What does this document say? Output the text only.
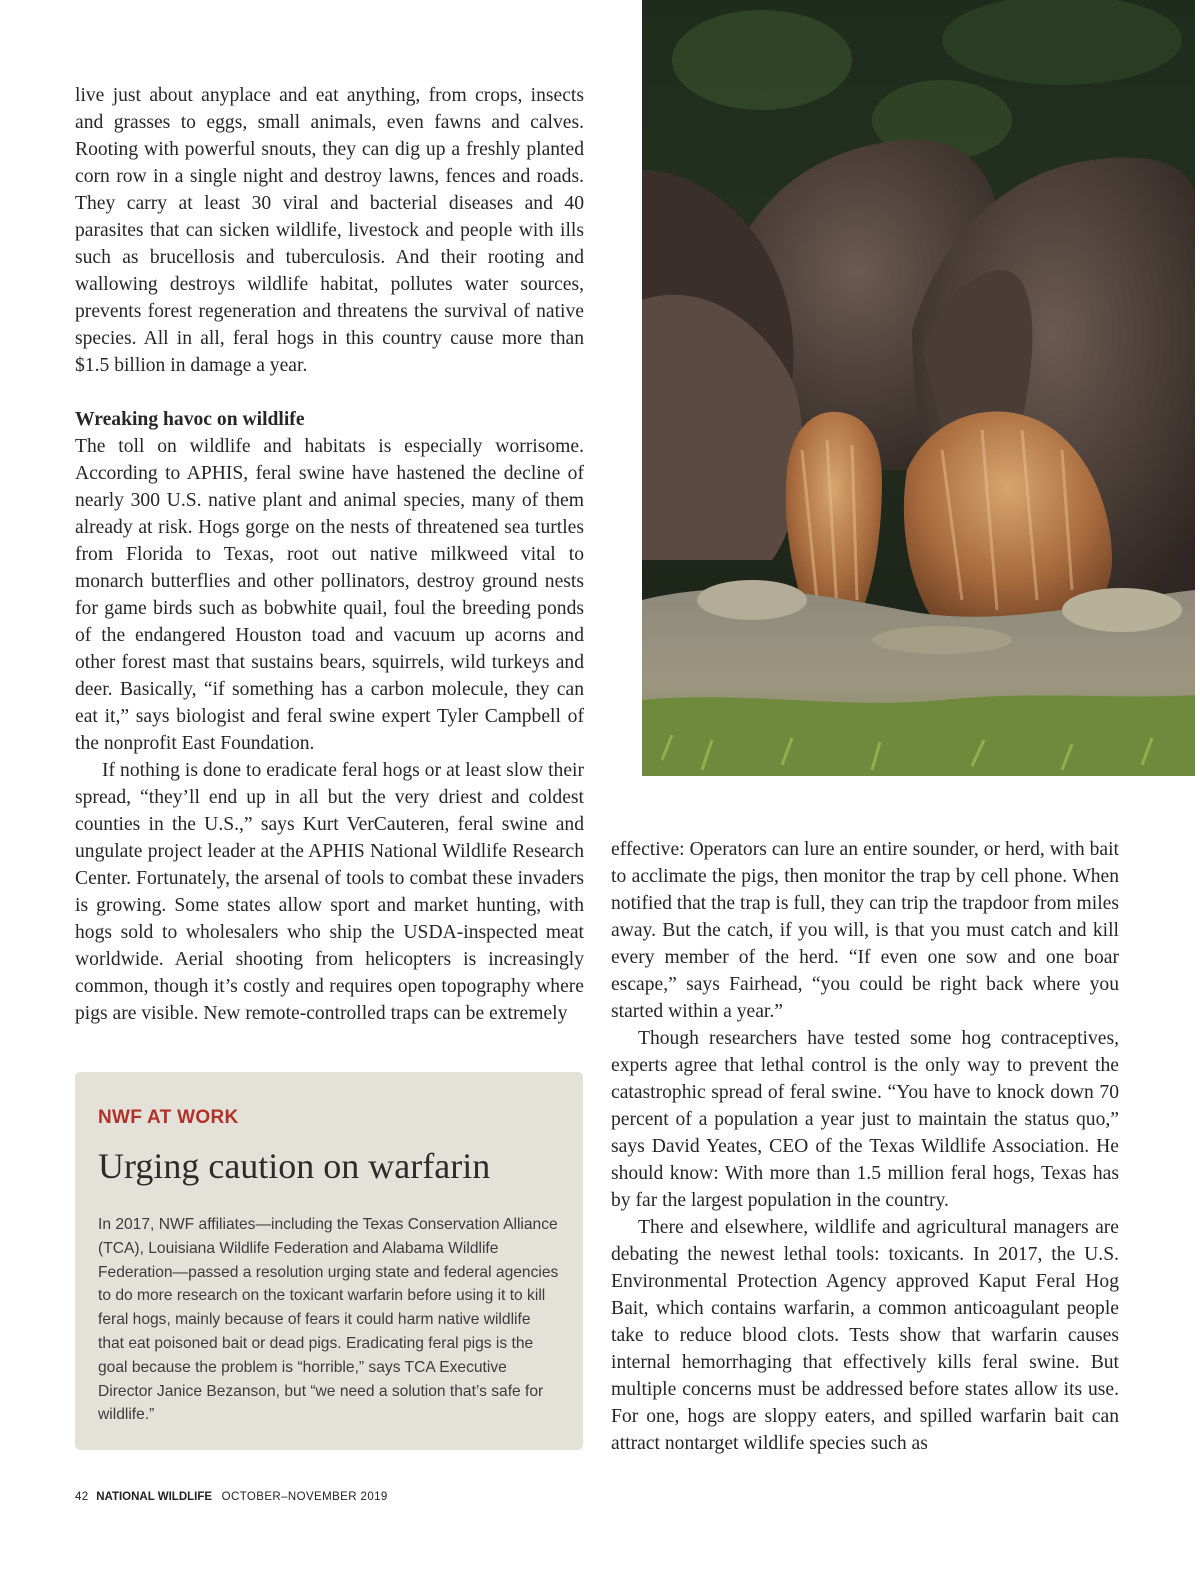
live just about anyplace and eat anything, from crops, insects and grasses to eggs, small animals, even fawns and calves. Rooting with powerful snouts, they can dig up a freshly planted corn row in a single night and destroy lawns, fences and roads. They carry at least 30 viral and bacterial diseases and 40 parasites that can sicken wildlife, livestock and people with ills such as brucellosis and tuberculosis. And their rooting and wallowing destroys wildlife habitat, pollutes water sources, prevents forest regeneration and threatens the survival of native species. All in all, feral hogs in this country cause more than $1.5 billion in damage a year.

Wreaking havoc on wildlife

The toll on wildlife and habitats is especially worrisome. According to APHIS, feral swine have hastened the decline of nearly 300 U.S. native plant and animal species, many of them already at risk. Hogs gorge on the nests of threatened sea turtles from Florida to Texas, root out native milkweed vital to monarch butterflies and other pollinators, destroy ground nests for game birds such as bobwhite quail, foul the breeding ponds of the endangered Houston toad and vacuum up acorns and other forest mast that sustains bears, squirrels, wild turkeys and deer. Basically, “if something has a carbon molecule, they can eat it,” says biologist and feral swine expert Tyler Campbell of the nonprofit East Foundation.

If nothing is done to eradicate feral hogs or at least slow their spread, “they’ll end up in all but the very driest and coldest counties in the U.S.,” says Kurt VerCauteren, feral swine and ungulate project leader at the APHIS National Wildlife Research Center. Fortunately, the arsenal of tools to combat these invaders is growing. Some states allow sport and market hunting, with hogs sold to wholesalers who ship the USDA-inspected meat worldwide. Aerial shooting from helicopters is increasingly common, though it’s costly and requires open topography where pigs are visible. New remote-controlled traps can be extremely

effective: Operators can lure an entire sounder, or herd, with bait to acclimate the pigs, then monitor the trap by cell phone. When notified that the trap is full, they can trip the trapdoor from miles away. But the catch, if you will, is that you must catch and kill every member of the herd. “If even one sow and one boar escape,” says Fairhead, “you could be right back where you started within a year.”

Though researchers have tested some hog contraceptives, experts agree that lethal control is the only way to prevent the catastrophic spread of feral swine. “You have to knock down 70 percent of a population a year just to maintain the status quo,” says David Yeates, CEO of the Texas Wildlife Association. He should know: With more than 1.5 million feral hogs, Texas has by far the largest population in the country.

There and elsewhere, wildlife and agricultural managers are debating the newest lethal tools: toxicants. In 2017, the U.S. Environmental Protection Agency approved Kaput Feral Hog Bait, which contains warfarin, a common anticoagulant people take to reduce blood clots. Tests show that warfarin causes internal hemorrhaging that effectively kills feral swine. But multiple concerns must be addressed before states allow its use. For one, hogs are sloppy eaters, and spilled warfarin bait can attract nontarget wildlife species such as

NWF AT WORK
Urging caution on warfarin
In 2017, NWF affiliates—including the Texas Conservation Alliance (TCA), Louisiana Wildlife Federation and Alabama Wildlife Federation—passed a resolution urging state and federal agencies to do more research on the toxicant warfarin before using it to kill feral hogs, mainly because of fears it could harm native wildlife that eat poisoned bait or dead pigs. Eradicating feral pigs is the goal because the problem is “horrible,” says TCA Executive Director Janice Bezanson, but “we need a solution that’s safe for wildlife.”
42 NATIONAL WILDLIFE OCTOBER–NOVEMBER 2019
